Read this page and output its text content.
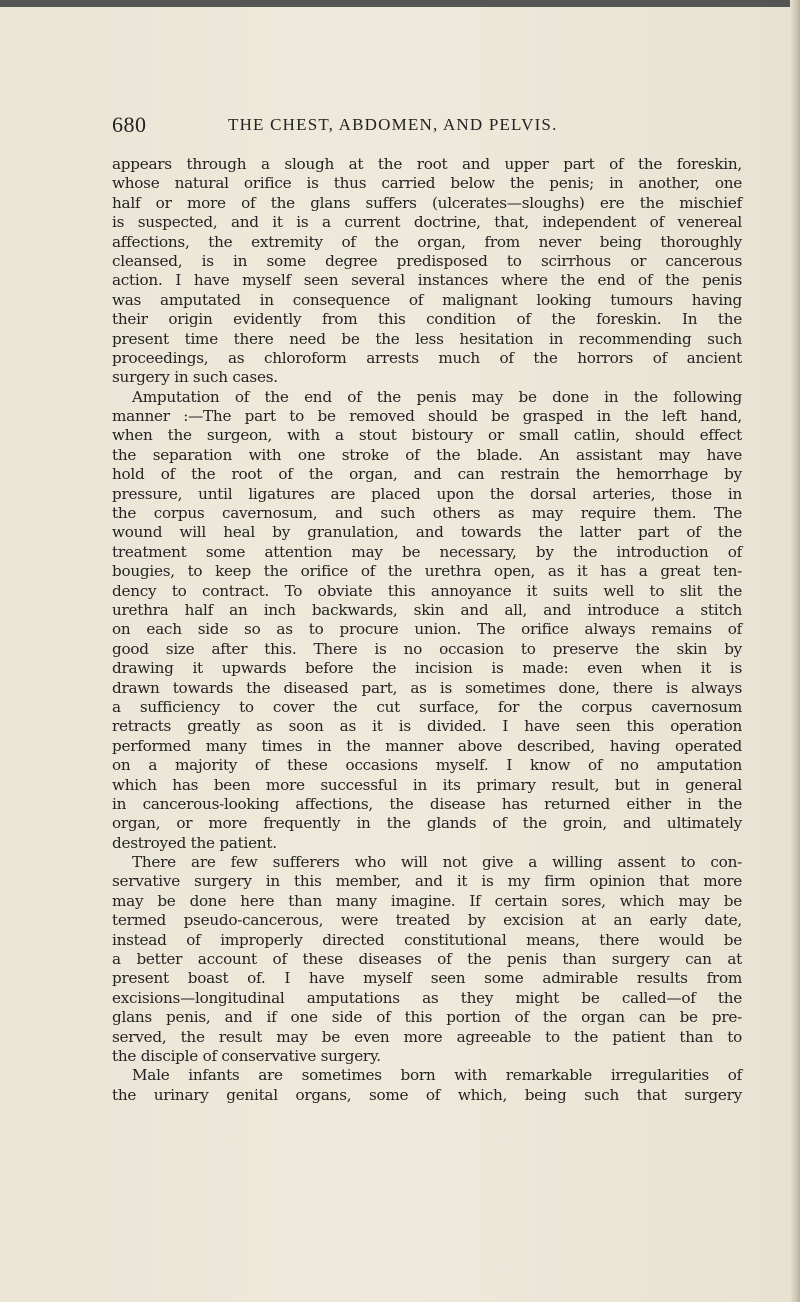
680	THE CHEST, ABDOMEN, AND PELVIS.
appears through a slough at the root and upper part of the foreskin,
whose natural orifice is thus carried below the penis; in another, one
half or more of the glans suffers (ulcerates—sloughs) ere the mischief
is suspected, and it is a current doctrine, that, independent of venereal
affections, the extremity of the organ, from never being thoroughly
cleansed, is in some degree predisposed to scirrhous or cancerous
action. I have myself seen several instances where the end of the penis
was amputated in consequence of malignant looking tumours having
their origin evidently from this condition of the foreskin. In the
present time there need be the less hesitation in recommending such
proceedings, as chloroform arrests much of the horrors of ancient
surgery in such cases.
Amputation of the end of the penis may be done in the following
manner :—The part to be removed should be grasped in the left hand,
when the surgeon, with a stout bistoury or small catlin, should effect
the separation with one stroke of the blade. An assistant may have
hold of the root of the organ, and can restrain the hemorrhage by
pressure, until ligatures are placed upon the dorsal arteries, those in
the corpus cavernosum, and such others as may require them. The
wound will heal by granulation, and towards the latter part of the
treatment some attention may be necessary, by the introduction of
bougies, to keep the orifice of the urethra open, as it has a great ten-
dency to contract. To obviate this annoyance it suits well to slit the
urethra half an inch backwards, skin and all, and introduce a stitch
on each side so as to procure union. The orifice always remains of
good size after this. There is no occasion to preserve the skin by
drawing it upwards before the incision is made: even when it is
drawn towards the diseased part, as is sometimes done, there is always
a sufficiency to cover the cut surface, for the corpus cavernosum
retracts greatly as soon as it is divided. I have seen this operation
performed many times in the manner above described, having operated
on a majority of these occasions myself. I know of no amputation
which has been more successful in its primary result, but in general
in cancerous-looking affections, the disease has returned either in the
organ, or more frequently in the glands of the groin, and ultimately
destroyed the patient.
There are few sufferers who will not give a willing assent to con-
servative surgery in this member, and it is my firm opinion that more
may be done here than many imagine. If certain sores, which may be
termed pseudo-cancerous, were treated by excision at an early date,
instead of improperly directed constitutional means, there would be
a better account of these diseases of the penis than surgery can at
present boast of. I have myself seen some admirable results from
excisions—longitudinal amputations as they might be called—of the
glans penis, and if one side of this portion of the organ can be pre-
served, the result may be even more agreeable to the patient than to
the disciple of conservative surgery.
Male infants are sometimes born with remarkable irregularities of
the urinary genital organs, some of which, being such that surgery
